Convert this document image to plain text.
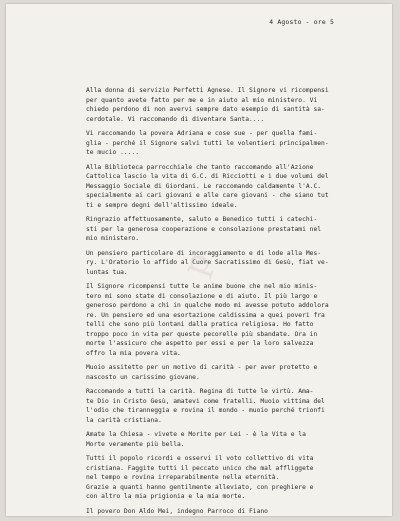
4 Agosto - ore 5
p
Alla donna di servizio Perfetti Agnese. Il Signore vi ricompensi
per quanto avete fatto per me e in aiuto al mio ministero. Vi
chiedo perdono di non avervi sempre dato esempio di santità sa-
cerdotale. Vi raccomando di diventare Santa....
Vi raccomando la povera Adriana e cose sue - per quella fami-
glia - perché il Signore salvi tutti le volentieri principalmen-
te mucio .....
Alla Biblioteca parrocchiale che tanto raccomando all'Azione
Cattolica lascio la vita di G.C. di Ricciotti e i due volumi del
Messaggio Sociale di Giordani. Le raccomando caldamente l'A.C.
specialmente ai cari giovani e alle care giovani - che siano tut
ti e sempre degni dell'altissimo ideale.
Ringrazio affettuosamente, saluto e Benedico tutti i catechi-
sti per la generosa cooperazione e consolazione prestatami nel
mio ministero.
Un pensiero particolare di incoraggiamento e di lode alla Mes-
ry. L'Oratorio lo affido al Cuore Sacratissimo di Gesù, fiat ve-
luntas tua.
Il Signore ricompensi tutte le anime buone che nel mio minis-
tero mi sono state di consolazione e di aiuto. Il più largo e
generoso perdono a chi in qualche modo mi avesse potuto addolora
re. Un pensiero ed una esortazione caldissima a quei poveri fra
telli che sono più lontani dalla pratica religiosa. Ho fatto
troppo poco in vita per queste pecorelle più sbandate. Ora in
morte l'assicuro che aspetto per essi e per la loro salvezza
offro la mia povera vita.
Muoio assitetto per un motivo di carità - per aver protetto e
nascosto un carissimo giovane.
Raccomando a tutti la carità. Regina di tutte le virtù. Ama-
te Dio in Cristo Gesù, amatevi come fratelli. Muoio vittima del
l'odio che tiranneggia e rovina il mondo - muoio perché trionfi
la carità cristiana.
Amate la Chiesa - vivete e Morite per Lei - è la Vita e la
Morte veramente più bella.
Tutti il popolo ricordi e osservi il voto collettivo di vita
cristiana. Faggite tutti il peccato unico che mal affliggete
nel tempo e rovina irreparabilmente nella eternità.
Grazie a quanti hanno gentilmente alleviato, con preghiere e
con altro la mia prigionia e la mia morte.
Il povero Don Aldo Mei, indegno Parroco di Fiano
